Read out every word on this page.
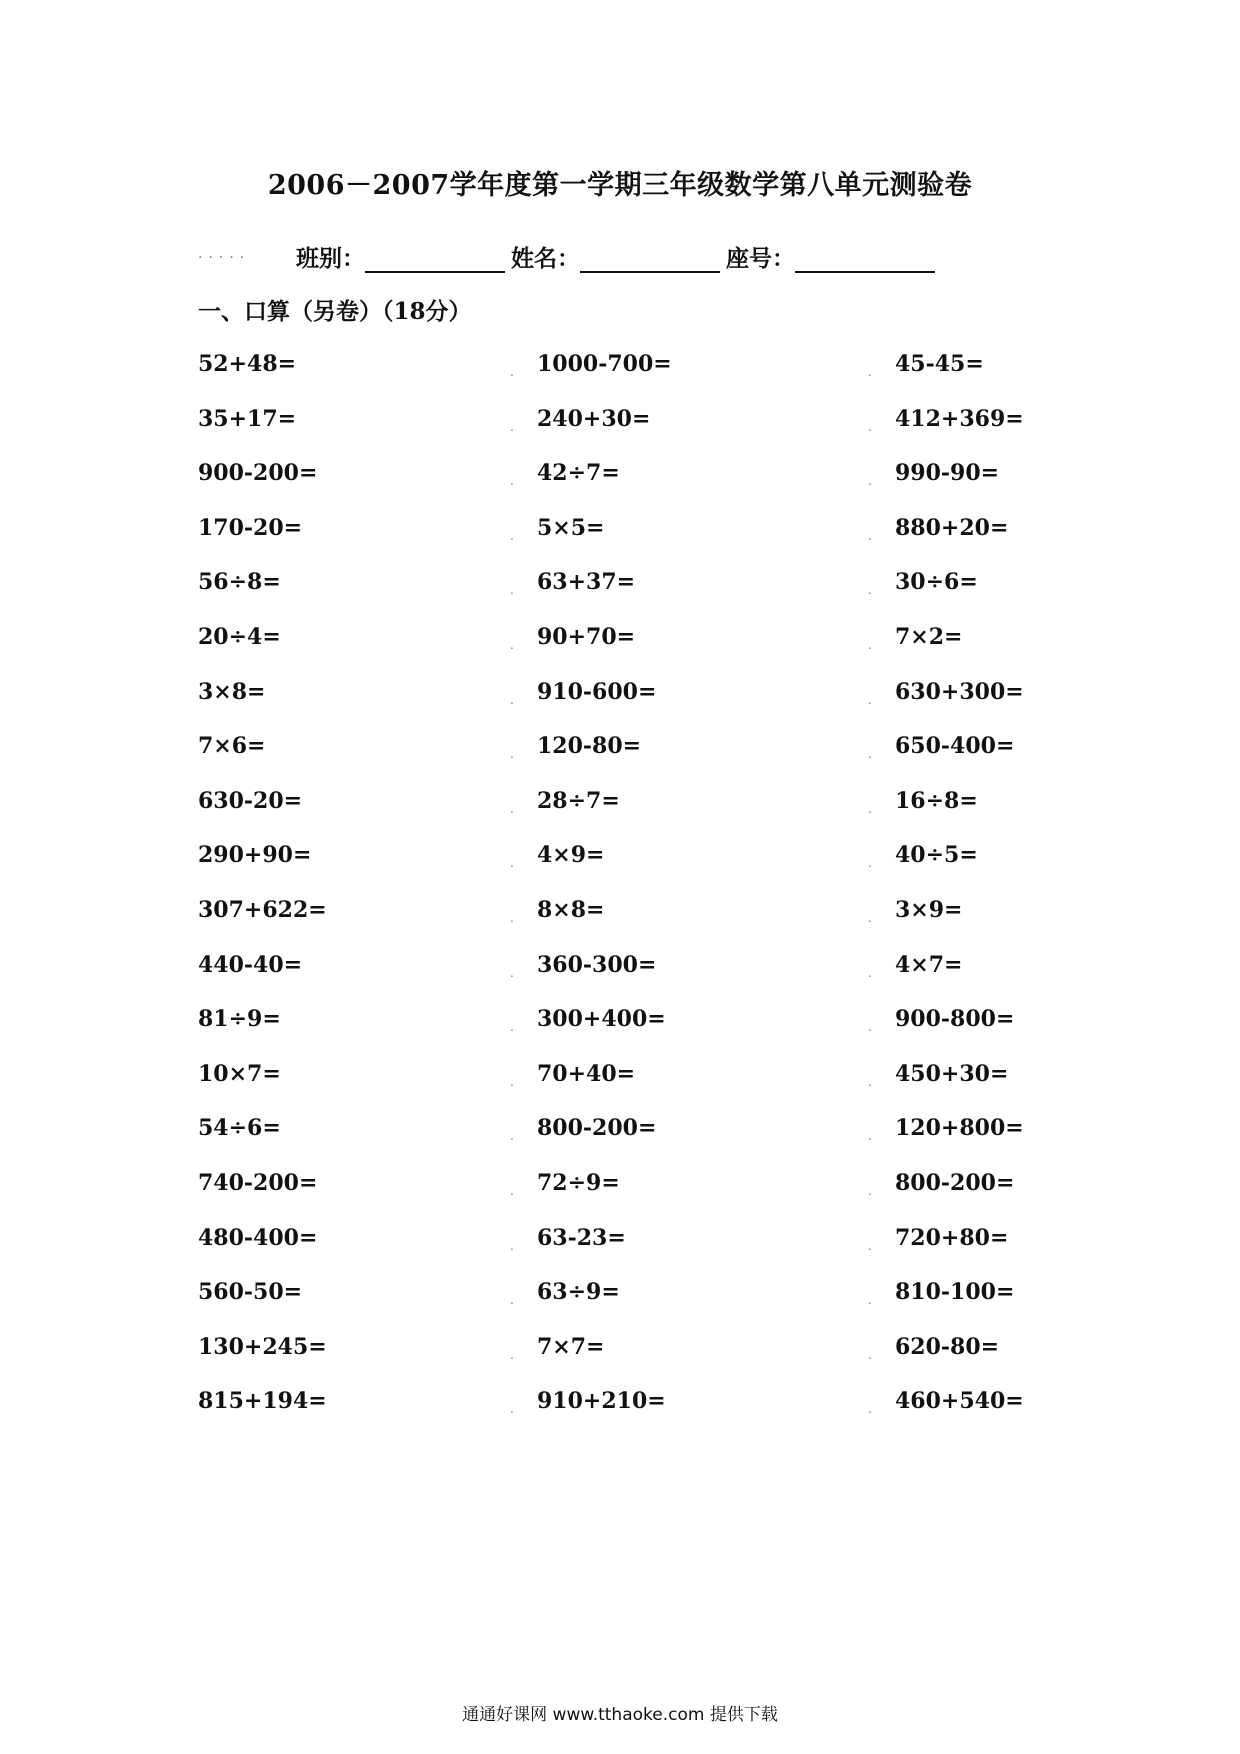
2006－2007学年度第一学期三年级数学第八单元测验卷
..... 班别：	姓名：	座号：
一、口算（另卷）（18分）
52+48=
35+17=
900-200=
170-20=
56÷8=
20÷4=
3×8=
7×6=
630-20=
290+90=
307+622=
440-40=
81÷9=
10×7=
54÷6=
740-200=
480-400=
560-50=
130+245=
815+194=
1000-700=
.
240+30=
.
42÷7=
.
5×5=
.
63+37=
.
90+70=
.
910-600=
.
120-80=
.
28÷7=
.
4×9=
.
8×8=
.
360-300=
.
300+400=
.
70+40=
.
800-200=
.
72÷9=
.
63-23=
.
63÷9=
.
7×7=
.
910+210=
.
45-45=
.
412+369=
.
990-90=
.
880+20=
.
30÷6=
.
7×2=
.
630+300=
.
650-400=
.
16÷8=
.
40÷5=
.
3×9=
.
4×7=
.
900-800=
.
450+30=
.
120+800=
.
800-200=
.
720+80=
.
810-100=
.
620-80=
.
460+540=
.
通通好课网 www.tthaoke.com 提供下载
